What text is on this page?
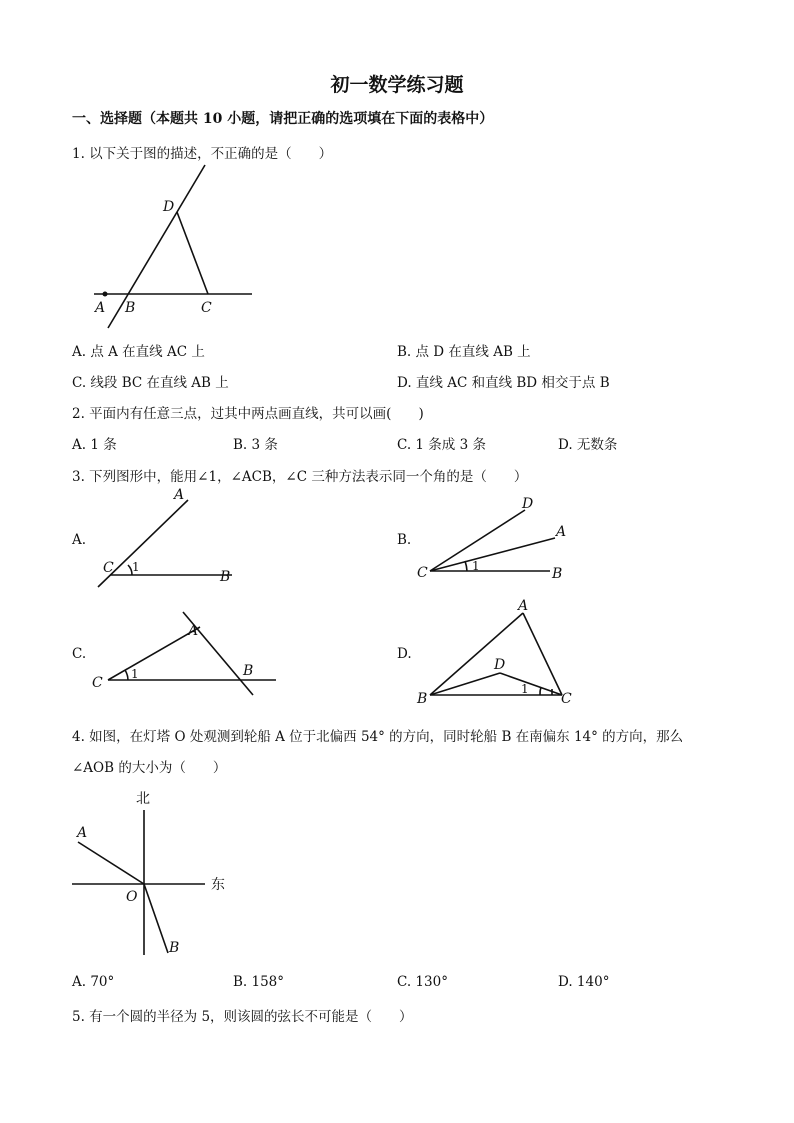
初一数学练习题
一、选择题（本题共 10 小题，请把正确的选项填在下面的表格中）
1. 以下关于图的描述，不正确的是（　　）
D
A B	C
A. 点 A 在直线 AC 上	B. 点 D 在直线 AB 上
C. 线段 BC 在直线 AB 上	D. 直线 AC 和直线 BD 相交于点 B
2. 平面内有任意三点，过其中两点画直线，共可以画(　　)
A. 1 条	B. 3 条	C. 1 条成 3 条	D. 无数条
3. 下列图形中，能用∠1，∠ACB，∠C 三种方法表示同一个角的是（　　）
A.
A
C 1
B
B.
D
A
C	1	B
C.
A
C
1	B
D.
A
D
B
1
C
4. 如图，在灯塔 O 处观测到轮船 A 位于北偏西 54° 的方向，同时轮船 B 在南偏东 14° 的方向，那么
∠AOB 的大小为（　　）
北
东
A
O
B
A. 70°	B. 158°	C. 130°	D. 140°
5. 有一个圆的半径为 5，则该圆的弦长不可能是（　　）
